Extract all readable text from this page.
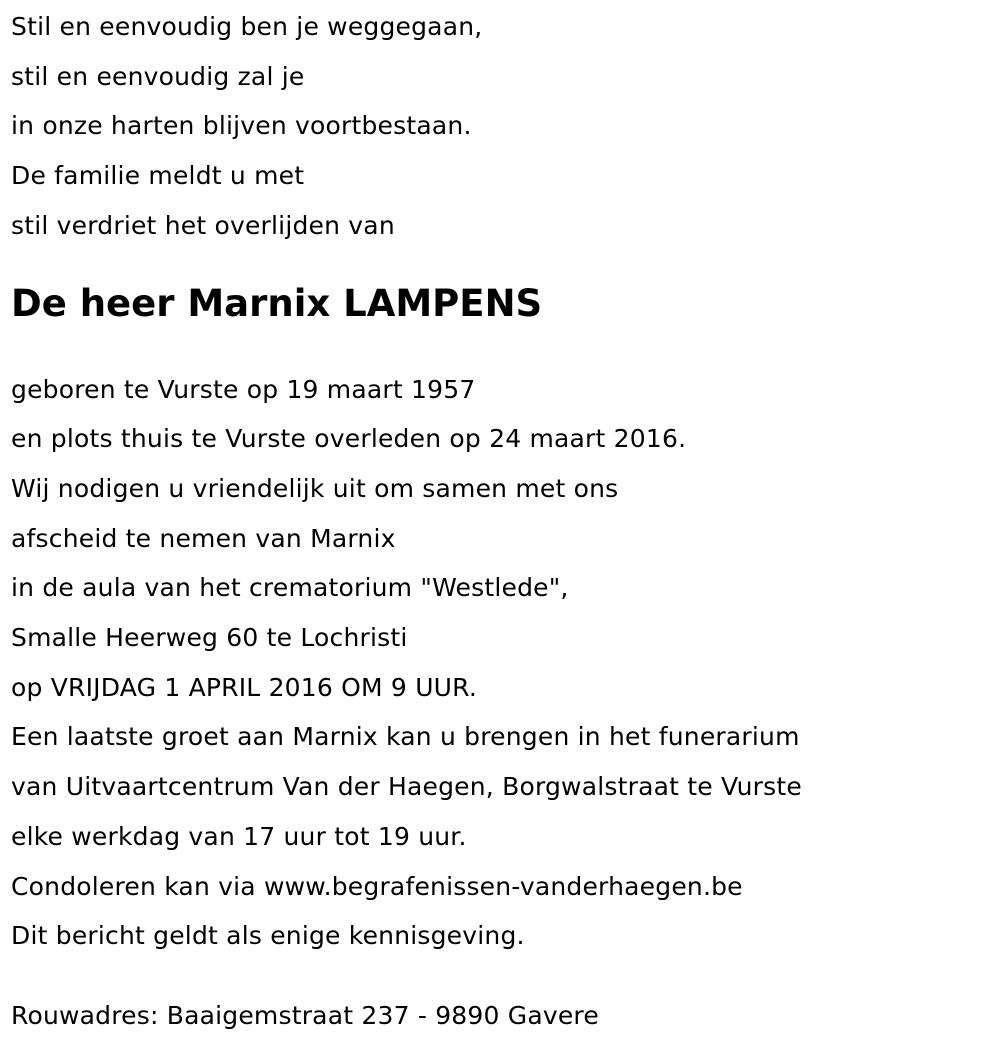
Stil en eenvoudig ben je weggegaan,
stil en eenvoudig zal je
in onze harten blijven voortbestaan.
De familie meldt u met
stil verdriet het overlijden van
De heer Marnix LAMPENS
geboren te Vurste op 19 maart 1957
en plots thuis te Vurste overleden op 24 maart 2016.
Wij nodigen u vriendelijk uit om samen met ons
afscheid te nemen van Marnix
in de aula van het crematorium "Westlede",
Smalle Heerweg 60 te Lochristi
op VRIJDAG 1 APRIL 2016 OM 9 UUR.
Een laatste groet aan Marnix kan u brengen in het funerarium
van Uitvaartcentrum Van der Haegen, Borgwalstraat te Vurste
elke werkdag van 17 uur tot 19 uur.
Condoleren kan via www.begrafenissen-vanderhaegen.be
Dit bericht geldt als enige kennisgeving.
Rouwadres: Baaigemstraat 237 - 9890 Gavere
